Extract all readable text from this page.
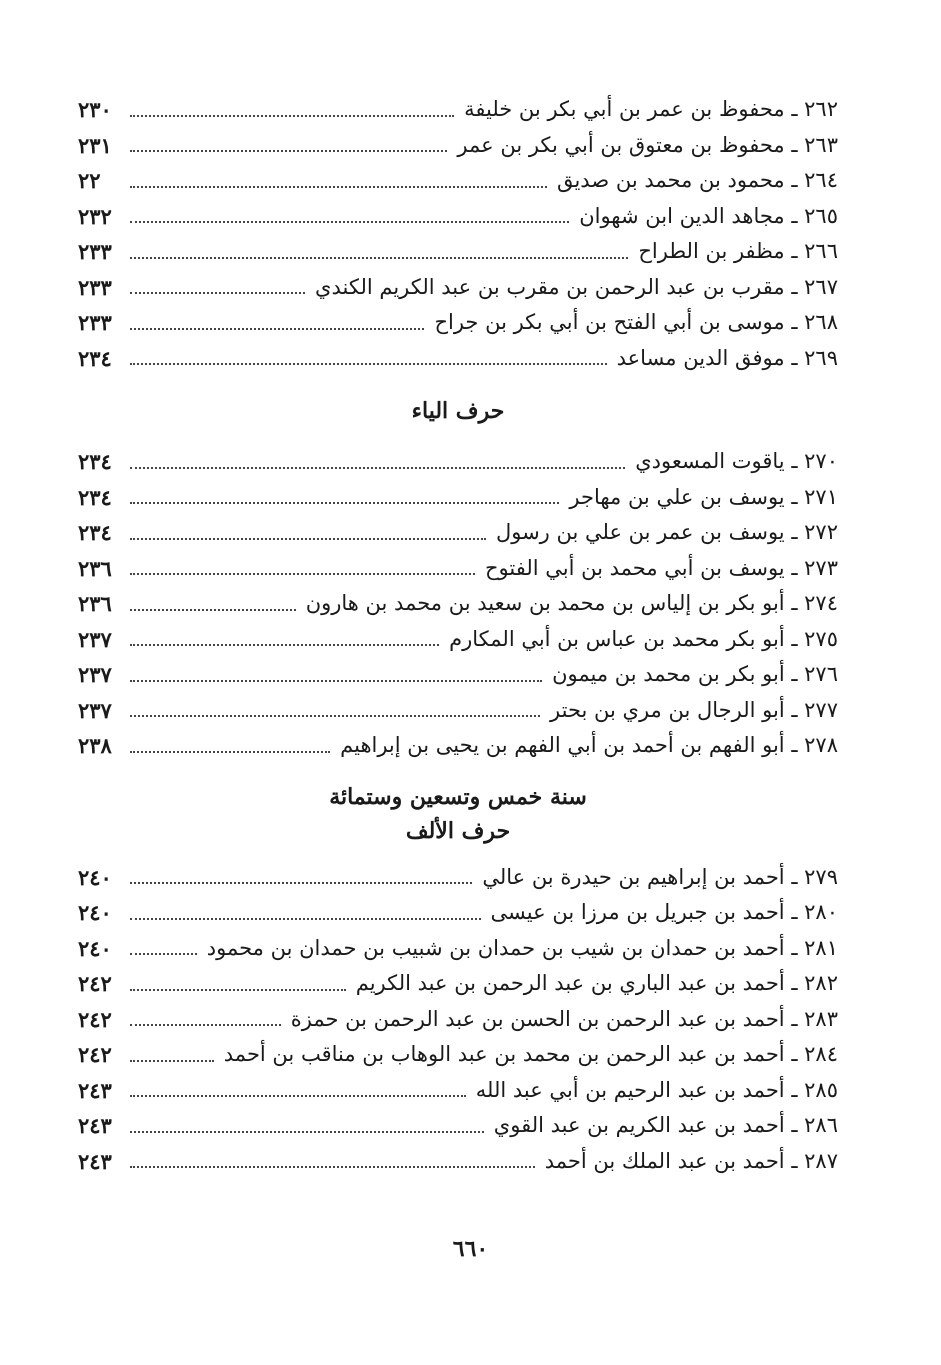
٢٦٢ ـ محفوظ بن عمر بن أبي بكر بن خليفة
٢٣٠
٢٦٣ ـ محفوظ بن معتوق بن أبي بكر بن عمر
٢٣١
٢٦٤ ـ محمود بن محمد بن صديق
٢٢
٢٦٥ ـ مجاهد الدين ابن شهوان
٢٣٢
٢٦٦ ـ مظفر بن الطراح
٢٣٣
٢٦٧ ـ مقرب بن عبد الرحمن بن مقرب بن عبد الكريم الكندي
٢٣٣
٢٦٨ ـ موسى بن أبي الفتح بن أبي بكر بن جراح
٢٣٣
٢٦٩ ـ موفق الدين مساعد
٢٣٤
حرف الياء
٢٧٠ ـ ياقوت المسعودي
٢٣٤
٢٧١ ـ يوسف بن علي بن مهاجر
٢٣٤
٢٧٢ ـ يوسف بن عمر بن علي بن رسول
٢٣٤
٢٧٣ ـ يوسف بن أبي محمد بن أبي الفتوح
٢٣٦
٢٧٤ ـ أبو بكر بن إلياس بن محمد بن سعيد بن محمد بن هارون
٢٣٦
٢٧٥ ـ أبو بكر محمد بن عباس بن أبي المكارم
٢٣٧
٢٧٦ ـ أبو بكر بن محمد بن ميمون
٢٣٧
٢٧٧ ـ أبو الرجال بن مري بن بحتر
٢٣٧
٢٧٨ ـ أبو الفهم بن أحمد بن أبي الفهم بن يحيى بن إبراهيم
٢٣٨
سنة خمس وتسعين وستمائة
حرف الألف
٢٧٩ ـ أحمد بن إبراهيم بن حيدرة بن عالي
٢٤٠
٢٨٠ ـ أحمد بن جبريل بن مرزا بن عيسى
٢٤٠
٢٨١ ـ أحمد بن حمدان بن شيب بن حمدان بن شبيب بن حمدان بن محمود
٢٤٠
٢٨٢ ـ أحمد بن عبد الباري بن عبد الرحمن بن عبد الكريم
٢٤٢
٢٨٣ ـ أحمد بن عبد الرحمن بن الحسن بن عبد الرحمن بن حمزة
٢٤٢
٢٨٤ ـ أحمد بن عبد الرحمن بن محمد بن عبد الوهاب بن مناقب بن أحمد
٢٤٢
٢٨٥ ـ أحمد بن عبد الرحيم بن أبي عبد الله
٢٤٣
٢٨٦ ـ أحمد بن عبد الكريم بن عبد القوي
٢٤٣
٢٨٧ ـ أحمد بن عبد الملك بن أحمد
٢٤٣
٦٦٠
